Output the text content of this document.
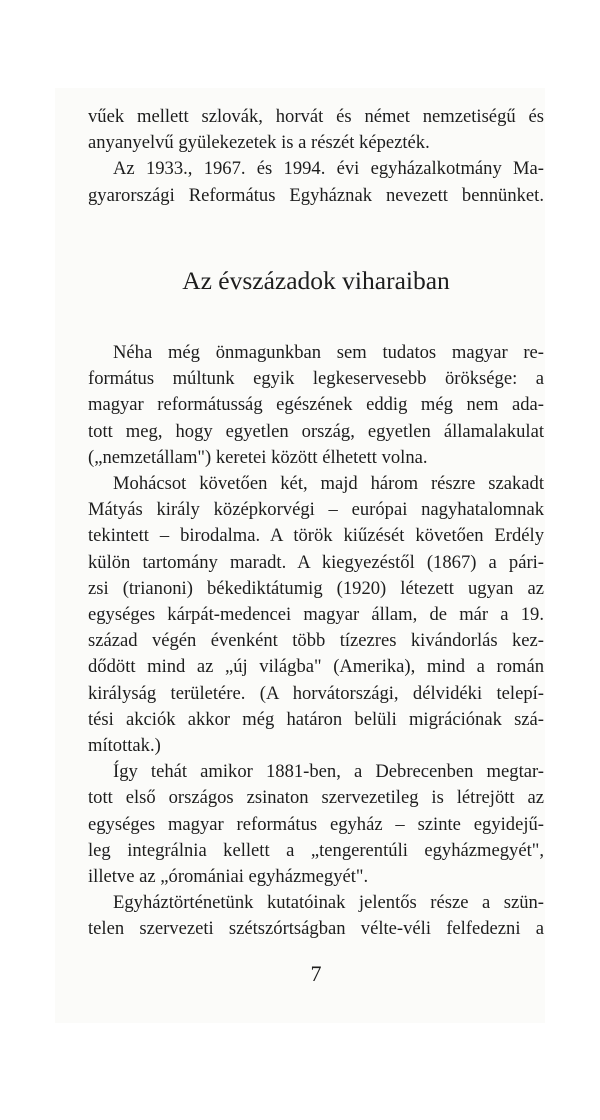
vűek mellett szlovák, horvát és német nemzetiségű és

anyanyelvű gyülekezetek is a részét képezték.

Az 1933., 1967. és 1994. évi egyházalkotmány Ma-

gyarországi Református Egyháznak nevezett bennünket.

Az évszázadok viharaiban

Néha még önmagunkban sem tudatos magyar re-

formátus múltunk egyik legkeservesebb öröksége: a

magyar reformátusság egészének eddig még nem ada-

tott meg, hogy egyetlen ország, egyetlen államalakulat

(„nemzetállam") keretei között élhetett volna.

Mohácsot követően két, majd három részre szakadt

Mátyás király középkorvégi – európai nagyhatalomnak

tekintett – birodalma. A török kiűzését követően Erdély

külön tartomány maradt. A kiegyezéstől (1867) a pári-

zsi (trianoni) békediktátumig (1920) létezett ugyan az

egységes kárpát-medencei magyar állam, de már a 19.

század végén évenként több tízezres kivándorlás kez-

dődött mind az „új világba" (Amerika), mind a román

királyság területére. (A horvátországi, délvidéki telepí-

tési akciók akkor még határon belüli migrációnak szá-

mítottak.)

Így tehát amikor 1881-ben, a Debrecenben megtar-

tott első országos zsinaton szervezetileg is létrejött az

egységes magyar református egyház – szinte egyidejű-

leg integrálnia kellett a „tengerentúli egyházmegyét",

illetve az „óromániai egyházmegyét".

Egyháztörténetünk kutatóinak jelentős része a szün-

telen szervezeti szétszórtságban vélte-véli felfedezni a

7
